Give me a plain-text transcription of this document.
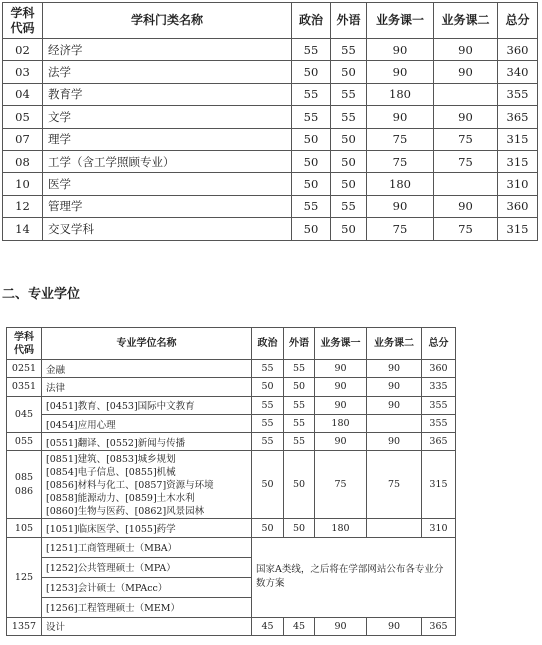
学科
代码	学科门类名称	政治	外语	业务课一	业务课二	总分
02	经济学	55	55	90	90	360
03	法学	50	50	90	90	340
04	教育学	55	55	180		355
05	文学	55	55	90	90	365
07	理学	50	50	75	75	315
08	工学（含工学照顾专业）	50	50	75	75	315
10	医学	50	50	180		310
12	管理学	55	55	90	90	360
14	交叉学科	50	50	75	75	315
二、专业学位
学科
代码	专业学位名称	政治	外语	业务课一	业务课二	总分
0251	金融	55	55	90	90	360
0351	法律	50	50	90	90	335
045	[0451]教育、[0453]国际中文教育	55	55	90	90	355
	[0454]应用心理	55	55	180		355
055	[0551]翻译、[0552]新闻与传播	55	55	90	90	365

085
086	[0851]建筑、[0853]城乡规划
[0854]电子信息、[0855]机械
[0856]材料与化工、[0857]资源与环境
[0858]能源动力、[0859]土木水利
[0860]生物与医药、[0862]风景园林	50	50	75	75	315
105	[1051]临床医学、[1055]药学	50	50	180		310
125	[1251]工商管理硕士（MBA）	国家A类线，之后将在学部网站公布各专业分数方案				
	[1252]公共管理硕士（MPA）					
	[1253]会计硕士（MPAcc）					
	[1256]工程管理硕士（MEM）					
1357	设计	45	45	90	90	365
